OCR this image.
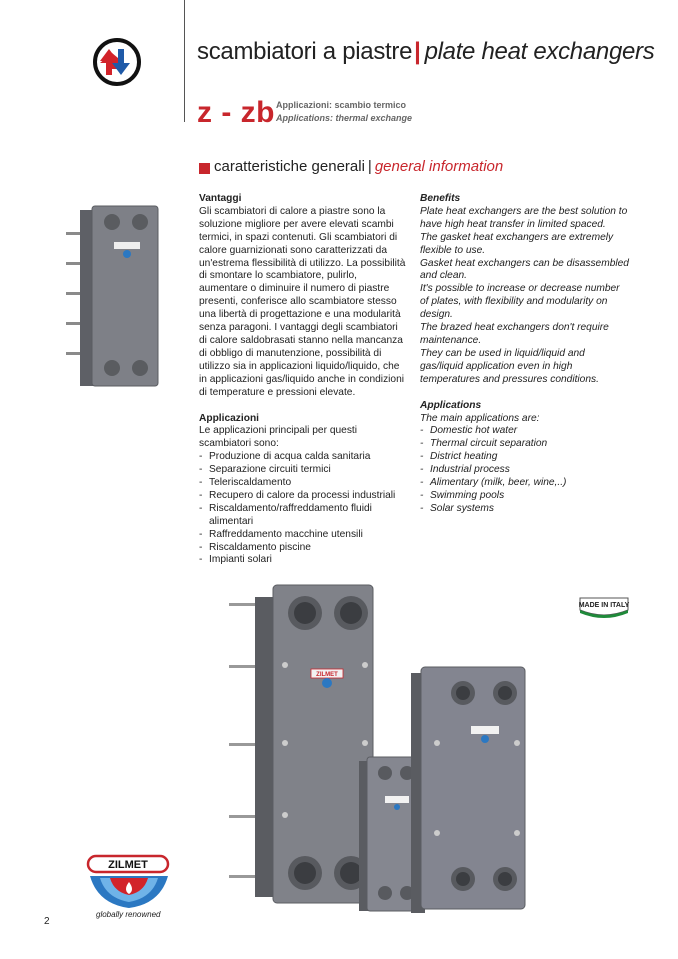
scambiatori a piastre| plate heat exchangers
z - zb Applicazioni: scambio termico
Applications: thermal exchange
caratteristiche generali | general information

Vantaggi

Gli scambiatori di calore a piastre sono la soluzione migliore per avere elevati scambi termici, in spazi contenuti. Gli scambiatori di calore guarnizionati sono caratterizzati da un'estrema flessibilità di utilizzo. La possibilità di smontare lo scambiatore, pulirlo, aumentare o diminuire il numero di piastre presenti, conferisce allo scambiatore stesso una libertà di progettazione e una modularità senza paragoni. I vantaggi degli scambiatori di calore saldobrasati stanno nella mancanza di obbligo di manutenzione, possibilità di utilizzo sia in applicazioni liquido/liquido, che in applicazioni gas/liquido anche in condizioni di temperature e pressioni elevate.

Applicazioni

Le applicazioni principali per questi scambiatori sono:

- Produzione di acqua calda sanitaria
- Separazione circuiti termici
- Teleriscaldamento
- Recupero di calore da processi industriali
- Riscaldamento/raffreddamento fluidi alimentari
- Raffreddamento macchine utensili
- Riscaldamento piscine
- Impianti solari

Benefits

Plate heat exchangers are the best solution to have high heat transfer in limited spaced.

The gasket heat exchangers are extremely flexible to use.

Gasket heat exchangers can be disassembled and clean.

It's possible to increase or decrease number of plates, with flexibility and modularity on design.

The brazed heat exchangers don't require maintenance.

They can be used in liquid/liquid and gas/liquid application even in high temperatures and pressures conditions.

Applications

The main applications are:

- Domestic hot water
- Thermal circuit separation
- District heating
- Industrial process
- Alimentary (milk, beer, wine,..)
- Swimming pools
- Solar systems
MADE IN ITALY
ZILMET
ZILMET
globally renowned
2
